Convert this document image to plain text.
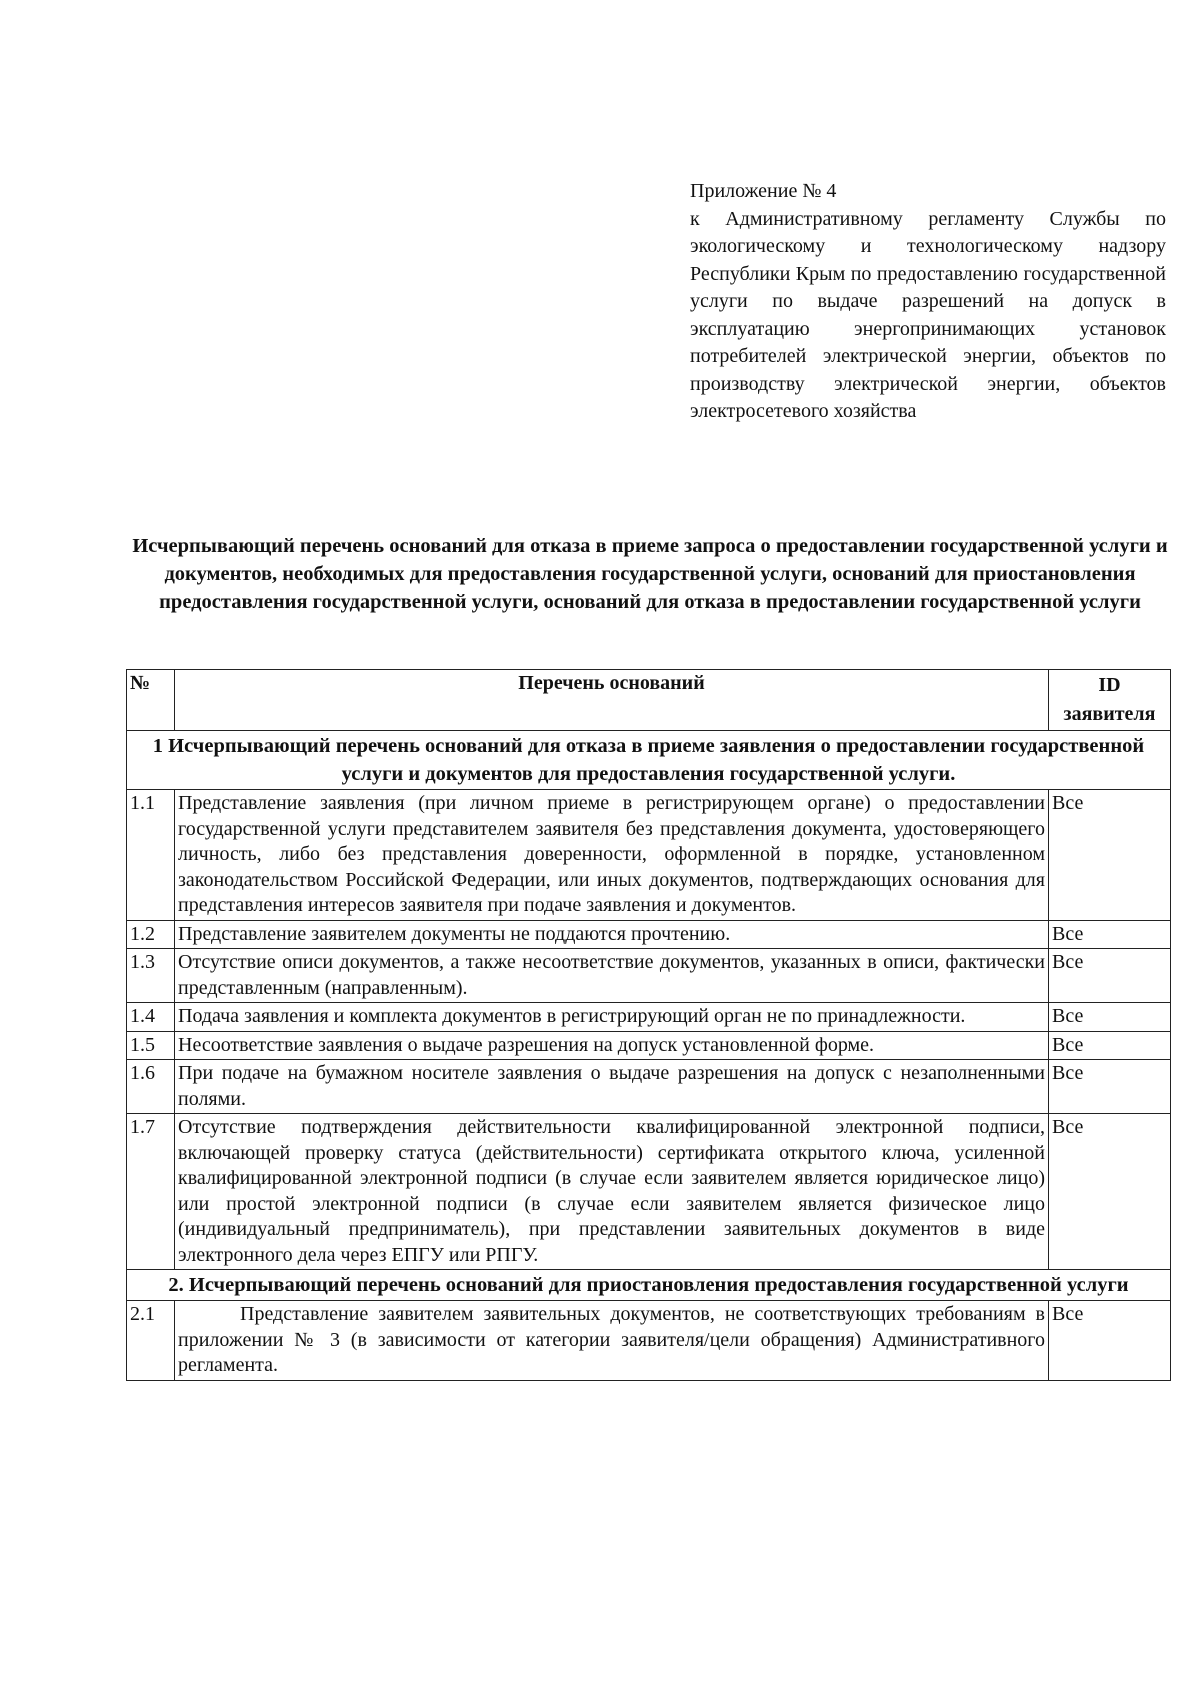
Приложение № 4
к Административному регламенту Службы по экологическому и технологическому надзору Республики Крым по предоставлению государственной услуги по выдаче разрешений на допуск в эксплуатацию энергопринимающих установок потребителей электрической энергии, объектов по производству электрической энергии, объектов электросетевого хозяйства
Исчерпывающий перечень оснований для отказа в приеме запроса о предоставлении государственной услуги и документов, необходимых для предоставления государственной услуги, оснований для приостановления предоставления государственной услуги, оснований для отказа в предоставлении государственной услуги
№	Перечень оснований	ID заявителя
1 Исчерпывающий перечень оснований для отказа в приеме заявления о предоставлении государственной услуги и документов для предоставления государственной услуги.		
1.1	Представление заявления (при личном приеме в регистрирующем органе) о предоставлении государственной услуги представителем заявителя без представления документа, удостоверяющего личность, либо без представления доверенности, оформленной в порядке, установленном законодательством Российской Федерации, или иных документов, подтверждающих основания для представления интересов заявителя при подаче заявления и документов.	Все
1.2	Представление заявителем документы не поддаются прочтению.	Все
1.3	Отсутствие описи документов, а также несоответствие документов, указанных в описи, фактически представленным (направленным).	Все
1.4	Подача заявления и комплекта документов в регистрирующий орган не по принадлежности.	Все
1.5	Несоответствие заявления о выдаче разрешения на допуск установленной форме.	Все
1.6	При подаче на бумажном носителе заявления о выдаче разрешения на допуск с незаполненными полями.	Все
1.7	Отсутствие подтверждения действительности квалифицированной электронной подписи, включающей проверку статуса (действительности) сертификата открытого ключа, усиленной квалифицированной электронной подписи (в случае если заявителем является юридическое лицо) или простой электронной подписи (в случае если заявителем является физическое лицо (индивидуальный предприниматель), при представлении заявительных документов в виде электронного дела через ЕПГУ или РПГУ.	Все
2. Исчерпывающий перечень оснований для приостановления предоставления государственной услуги		
2.1	Представление заявителем заявительных документов, не соответствующих требованиям в приложении № 3 (в зависимости от категории заявителя/цели обращения) Административного регламента.	Все
